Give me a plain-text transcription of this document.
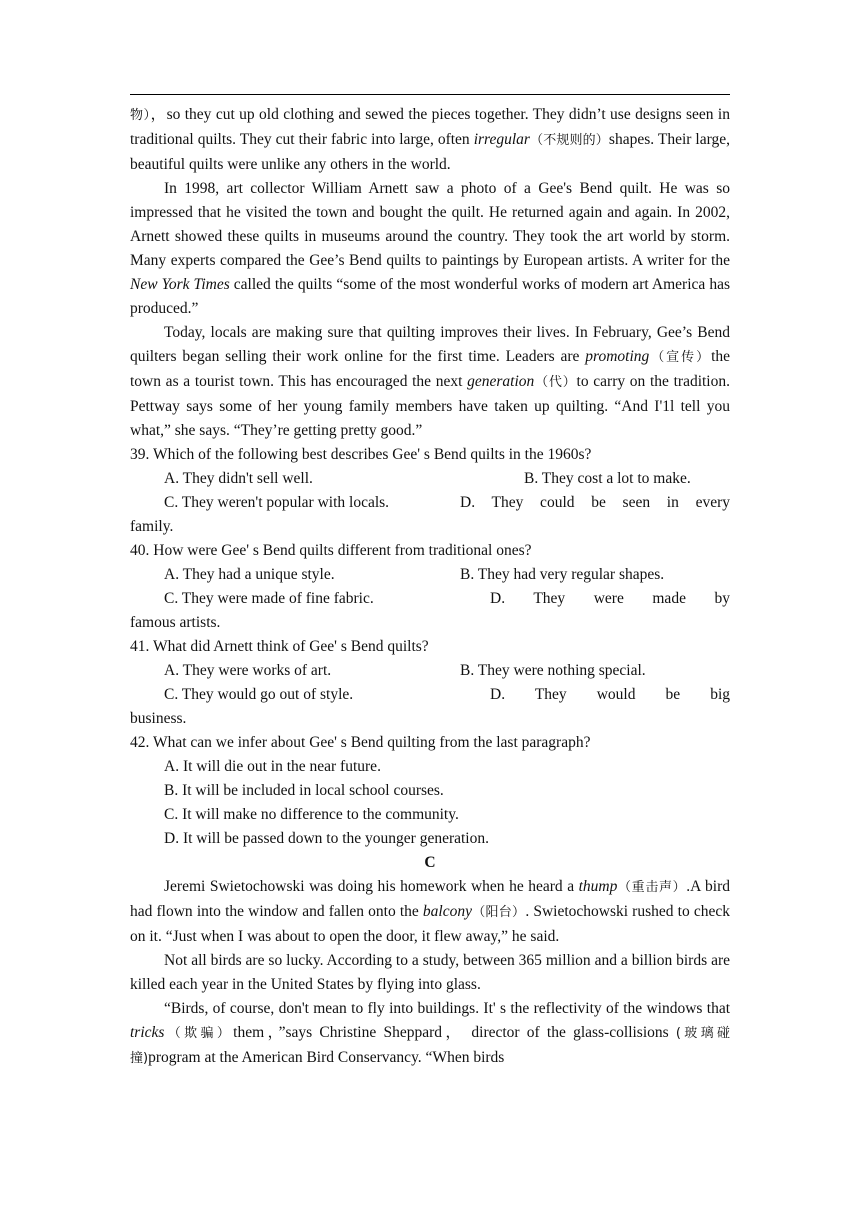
物），so they cut up old clothing and sewed the pieces together. They didn’t use designs seen in traditional quilts. They cut their fabric into large, often irregular（不规则的）shapes. Their large, beautiful quilts were unlike any others in the world.

In 1998, art collector William Arnett saw a photo of a Gee's Bend quilt. He was so impressed that he visited the town and bought the quilt. He returned again and again. In 2002, Arnett showed these quilts in museums around the country. They took the art world by storm. Many experts compared the Gee’s Bend quilts to paintings by European artists. A writer for the New York Times called the quilts “some of the most wonderful works of modern art America has produced.”

Today, locals are making sure that quilting improves their lives. In February, Gee’s Bend quilters began selling their work online for the first time. Leaders are promoting（宣传）the town as a tourist town. This has encouraged the next generation（代）to carry on the tradition. Pettway says some of her young family members have taken up quilting. “And I'1l tell you what,” she says. “They’re getting pretty good.”

39. Which of the following best describes Gee' s Bend quilts in the 1960s?

A. They didn't sell well.	B. They cost a lot to make.
C. They weren't popular with locals.	D. They could be seen in every

family.

40. How were Gee' s Bend quilts different from traditional ones?

A. They had a unique style.	B. They had very regular shapes.
C. They were made of fine fabric.	D. They were made by

famous artists.

41. What did Arnett think of Gee' s Bend quilts?

A. They were works of art.	B. They were nothing special.
C. They would go out of style.	D. They would be big

business.

42. What can we infer about Gee' s Bend quilting from the last paragraph?

A. It will die out in the near future.

B. It will be included in local school courses.

C. It will make no difference to the community.

D. It will be passed down to the younger generation.

C

Jeremi Swietochowski was doing his homework when he heard a thump（重击声）.A bird had flown into the window and fallen onto the balcony（阳台）. Swietochowski rushed to check on it. “Just when I was about to open the door, it flew away,” he said.

Not all birds are so lucky. According to a study, between 365 million and a billion birds are killed each year in the United States by flying into glass.

“Birds, of course, don't mean to fly into buildings. It' s the reflectivity of the windows that tricks（欺骗）them，”says Christine Sheppard， director of the glass-collisions (玻璃碰撞)program at the American Bird Conservancy. “When birds
